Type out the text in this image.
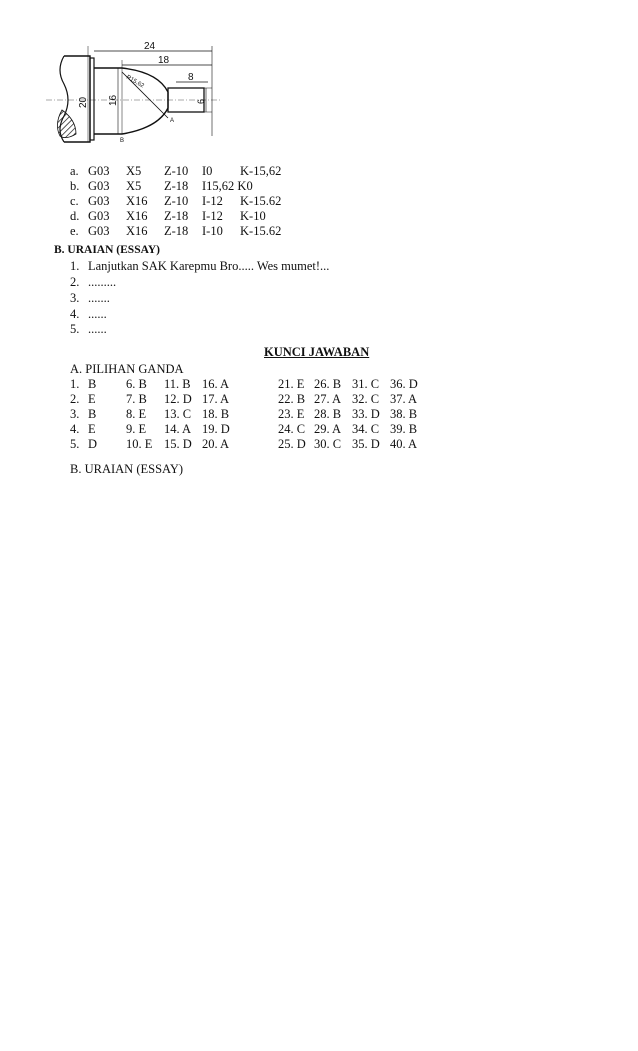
24
18
8
20 16	6
R15,62
A
B
a. G03 X5 Z-10 I0 K-15,62
b. G03 X5 Z-18 I15,62 K0
c. G03 X16 Z-10 I-12 K-15.62
d. G03 X16 Z-18 I-12 K-10
e. G03 X16 Z-18 I-10 K-15.62
B. URAIAN (ESSAY)
1. Lanjutkan SAK Karepmu Bro..... Wes mumet!...
2. .........
3. .......
4. ......
5. ......
KUNCI JAWABAN
A. PILIHAN GANDA
1. B 6. B 11. B 16. A	21. E 26. B 31. C 36. D
2. E 7. B 12. D 17. A	22. B 27. A 32. C 37. A
3. B 8. E 13. C 18. B	23. E 28. B 33. D 38. B
4. E 9. E 14. A 19. D	24. C 29. A 34. C 39. B
5. D 10. E 15. D 20. A	25. D 30. C 35. D 40. A
B. URAIAN (ESSAY)
